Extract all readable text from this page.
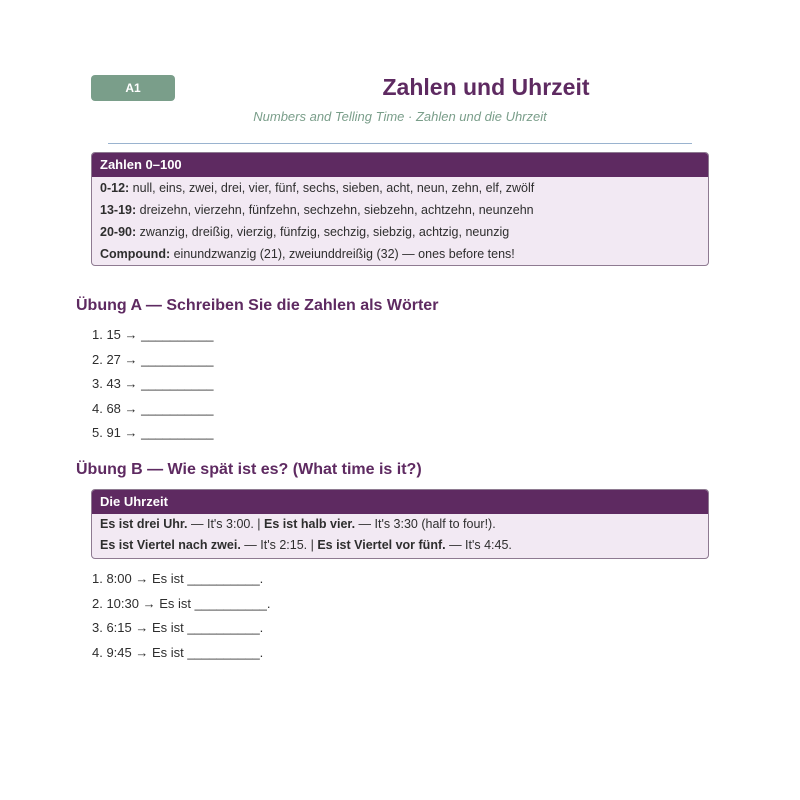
A1	Zahlen und Uhrzeit
Numbers and Telling Time · Zahlen und die Uhrzeit
Zahlen 0–100
0-12: null, eins, zwei, drei, vier, fünf, sechs, sieben, acht, neun, zehn, elf, zwölf
13-19: dreizehn, vierzehn, fünfzehn, sechzehn, siebzehn, achtzehn, neunzehn
20-90: zwanzig, dreißig, vierzig, fünfzig, sechzig, siebzig, achtzig, neunzig
Compound: einundzwanzig (21), zweiunddreißig (32) — ones before tens!
Übung A — Schreiben Sie die Zahlen als Wörter
1. 15 → __________
2. 27 → __________
3. 43 → __________
4. 68 → __________
5. 91 → __________
Übung B — Wie spät ist es? (What time is it?)
Die Uhrzeit
Es ist drei Uhr. — It's 3:00. | Es ist halb vier. — It's 3:30 (half to four!).
Es ist Viertel nach zwei. — It's 2:15. | Es ist Viertel vor fünf. — It's 4:45.
1. 8:00 → Es ist __________.
2. 10:30 → Es ist __________.
3. 6:15 → Es ist __________.
4. 9:45 → Es ist __________.
